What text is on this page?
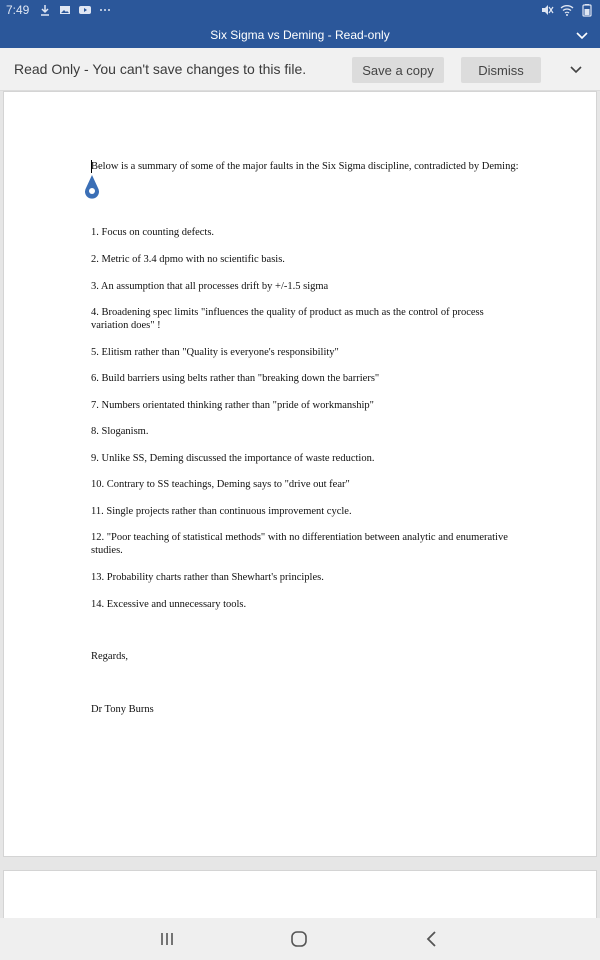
7:49
Six Sigma vs Deming - Read-only
Read Only - You can't save changes to this file.	Save a copy	Dismiss

Below is a summary of some of the major faults in the Six Sigma discipline, contradicted by Deming:

1. Focus on counting defects.

2. Metric of 3.4 dpmo with no scientific basis.

3. An assumption that all processes drift by +/-1.5 sigma

4. Broadening spec limits "influences the quality of product as much as the control of process variation does" !

5. Elitism rather than "Quality is everyone's responsibility"

6. Build barriers using belts rather than "breaking down the barriers"

7. Numbers orientated thinking rather than "pride of workmanship"

8. Sloganism.

9. Unlike SS, Deming discussed the importance of waste reduction.

10. Contrary to SS teachings, Deming says to "drive out fear"

11. Single projects rather than continuous improvement cycle.

12. "Poor teaching of statistical methods" with no differentiation between analytic and enumerative studies.

13. Probability charts rather than Shewhart's principles.

14. Excessive and unnecessary tools.

Regards,

Dr Tony Burns
